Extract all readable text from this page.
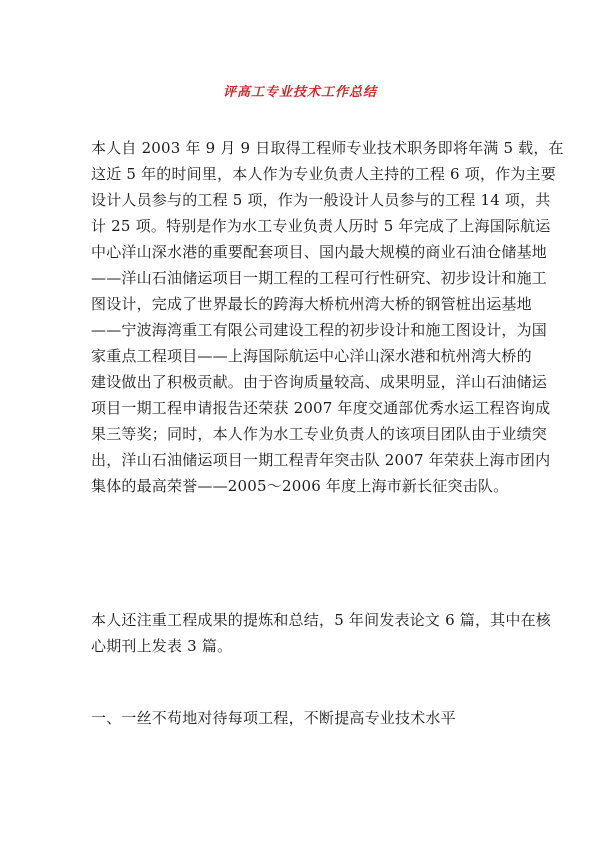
评高工专业技术工作总结
本人自 2003 年 9 月 9 日取得工程师专业技术职务即将年满 5 载，在
这近 5 年的时间里，本人作为专业负责人主持的工程 6 项，作为主要
设计人员参与的工程 5 项，作为一般设计人员参与的工程 14 项，共
计 25 项。特别是作为水工专业负责人历时 5 年完成了上海国际航运
中心洋山深水港的重要配套项目、国内最大规模的商业石油仓储基地
——洋山石油储运项目一期工程的工程可行性研究、初步设计和施工
图设计，完成了世界最长的跨海大桥杭州湾大桥的钢管桩出运基地
——宁波海湾重工有限公司建设工程的初步设计和施工图设计，为国
家重点工程项目——上海国际航运中心洋山深水港和杭州湾大桥的
建设做出了积极贡献。由于咨询质量较高、成果明显，洋山石油储运
项目一期工程申请报告还荣获 2007 年度交通部优秀水运工程咨询成
果三等奖；同时，本人作为水工专业负责人的该项目团队由于业绩突
出，洋山石油储运项目一期工程青年突击队 2007 年荣获上海市团内
集体的最高荣誉——2005～2006 年度上海市新长征突击队。
本人还注重工程成果的提炼和总结，5 年间发表论文 6 篇，其中在核
心期刊上发表 3 篇。
一、一丝不苟地对待每项工程，不断提高专业技术水平
